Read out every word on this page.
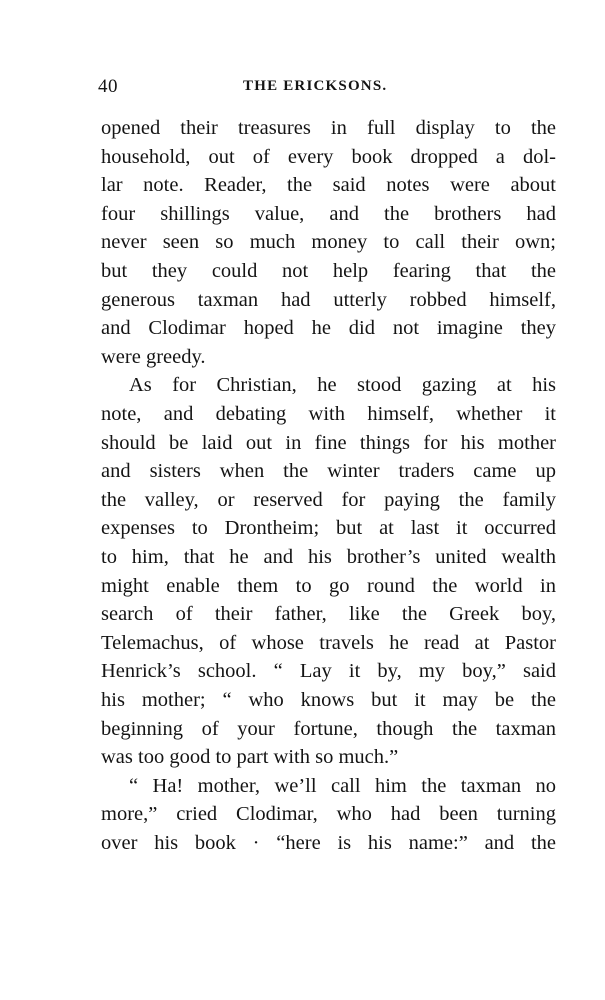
40	THE ERICKSONS.
opened their treasures in full display to the
household, out of every book dropped a dol-
lar note. Reader, the said notes were about
four shillings value, and the brothers had
never seen so much money to call their own;
but they could not help fearing that the
generous taxman had utterly robbed himself,
and Clodimar hoped he did not imagine they
were greedy.
As for Christian, he stood gazing at his
note, and debating with himself, whether it
should be laid out in fine things for his mother
and sisters when the winter traders came up
the valley, or reserved for paying the family
expenses to Drontheim; but at last it occurred
to him, that he and his brother’s united wealth
might enable them to go round the world in
search of their father, like the Greek boy,
Telemachus, of whose travels he read at Pastor
Henrick’s school. “ Lay it by, my boy,” said
his mother; “ who knows but it may be the
beginning of your fortune, though the taxman
was too good to part with so much.”
“ Ha! mother, we’ll call him the taxman no
more,” cried Clodimar, who had been turning
over his book · “here is his name:” and the
